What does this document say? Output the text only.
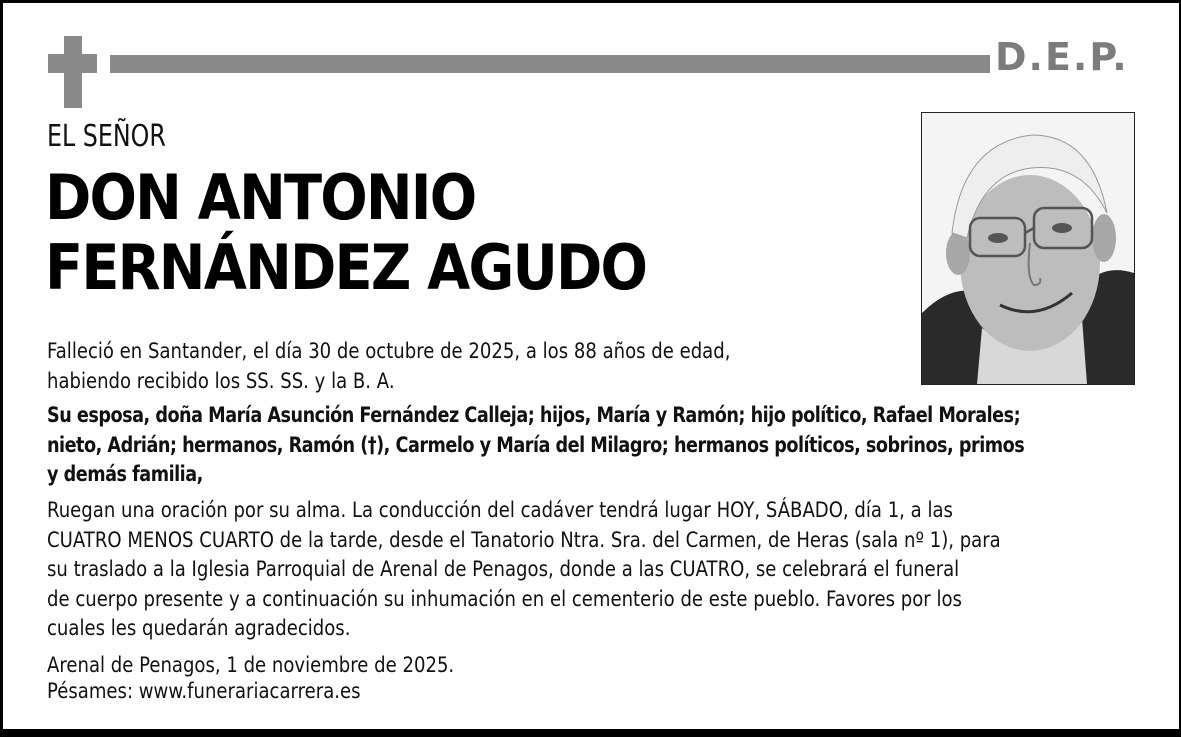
D.E.P.
EL SEÑOR
DON ANTONIO
FERNÁNDEZ AGUDO
Falleció en Santander, el día 30 de octubre de 2025, a los 88 años de edad,
habiendo recibido los SS. SS. y la B. A.
Su esposa, doña María Asunción Fernández Calleja; hijos, María y Ramón; hijo político, Rafael Morales;
nieto, Adrián; hermanos, Ramón (†), Carmelo y María del Milagro; hermanos políticos, sobrinos, primos
y demás familia,
Ruegan una oración por su alma. La conducción del cadáver tendrá lugar HOY, SÁBADO, día 1, a las
CUATRO MENOS CUARTO de la tarde, desde el Tanatorio Ntra. Sra. del Carmen, de Heras (sala nº 1), para
su traslado a la Iglesia Parroquial de Arenal de Penagos, donde a las CUATRO, se celebrará el funeral
de cuerpo presente y a continuación su inhumación en el cementerio de este pueblo. Favores por los
cuales les quedarán agradecidos.
Arenal de Penagos, 1 de noviembre de 2025.
Pésames: www.funerariacarrera.es
